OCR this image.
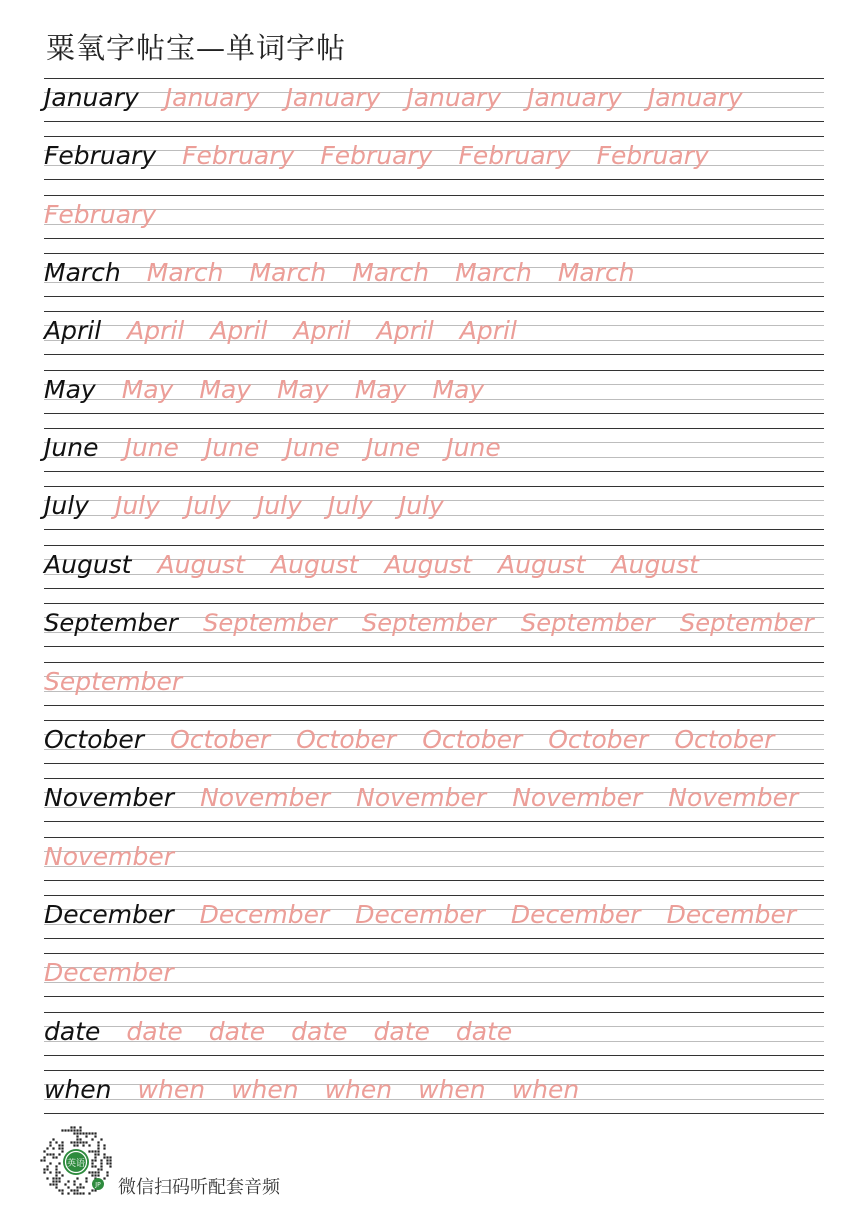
粟氧字帖宝—单词字帖
January January January January January January
February February February February February
February
March March March March March March
April April April April April April
May May May May May May
June June June June June June
July July July July July July
August August August August August August
September September September September September
September
October October October October October October
November November November November November
November
December December December December December
December
date date date date date date
when when when when when when
英语
JP 微信扫码听配套音频
